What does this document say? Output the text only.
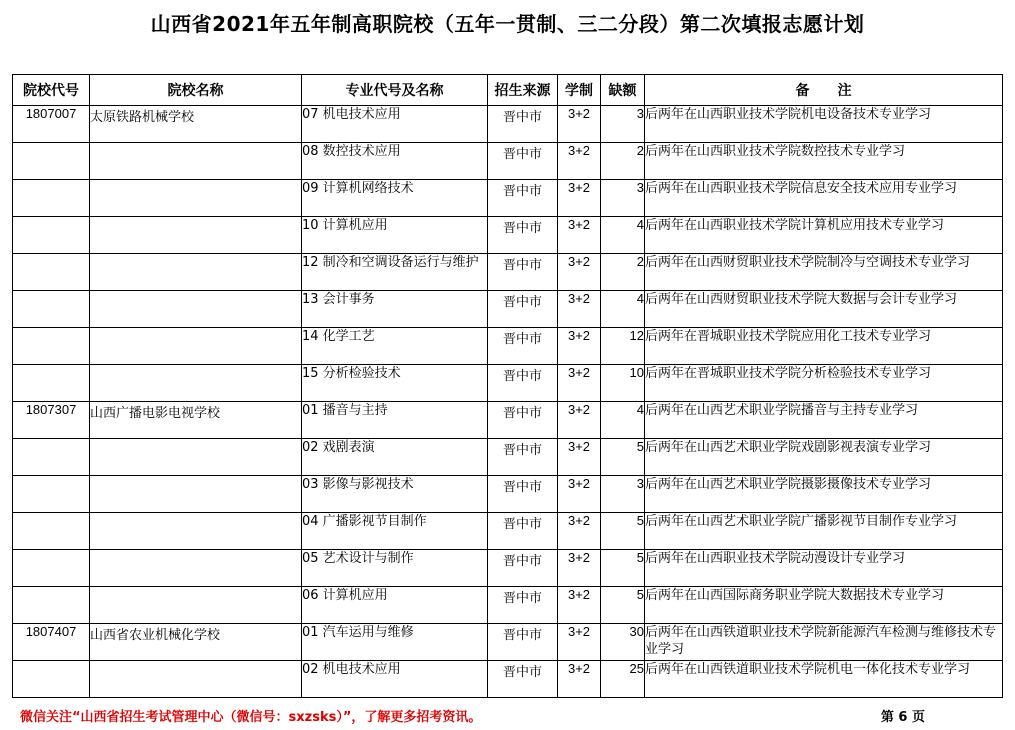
山西省2021年五年制高职院校（五年一贯制、三二分段）第二次填报志愿计划
院校代号	院校名称	专业代号及名称	招生来源	学制	缺额	备　　注
1807007	太原铁路机械学校	07 机电技术应用	晋中市	3+2	3	后两年在山西职业技术学院机电设备技术专业学习
		08 数控技术应用	晋中市	3+2	2	后两年在山西职业技术学院数控技术专业学习
		09 计算机网络技术	晋中市	3+2	3	后两年在山西职业技术学院信息安全技术应用专业学习
		10 计算机应用	晋中市	3+2	4	后两年在山西职业技术学院计算机应用技术专业学习
		12 制冷和空调设备运行与维护	晋中市	3+2	2	后两年在山西财贸职业技术学院制冷与空调技术专业学习
		13 会计事务	晋中市	3+2	4	后两年在山西财贸职业技术学院大数据与会计专业学习
		14 化学工艺	晋中市	3+2	12	后两年在晋城职业技术学院应用化工技术专业学习
		15 分析检验技术	晋中市	3+2	10	后两年在晋城职业技术学院分析检验技术专业学习
1807307	山西广播电影电视学校	01 播音与主持	晋中市	3+2	4	后两年在山西艺术职业学院播音与主持专业学习
		02 戏剧表演	晋中市	3+2	5	后两年在山西艺术职业学院戏剧影视表演专业学习
		03 影像与影视技术	晋中市	3+2	3	后两年在山西艺术职业学院摄影摄像技术专业学习
		04 广播影视节目制作	晋中市	3+2	5	后两年在山西艺术职业学院广播影视节目制作专业学习
		05 艺术设计与制作	晋中市	3+2	5	后两年在山西职业技术学院动漫设计专业学习
		06 计算机应用	晋中市	3+2	5	后两年在山西国际商务职业学院大数据技术专业学习
1807407	山西省农业机械化学校	01 汽车运用与维修	晋中市	3+2	30	后两年在山西铁道职业技术学院新能源汽车检测与维修技术专业学习
		02 机电技术应用	晋中市	3+2	25	后两年在山西铁道职业技术学院机电一体化技术专业学习
微信关注“山西省招生考试管理中心（微信号：sxzsks）”，了解更多招考资讯。	第 6 页
